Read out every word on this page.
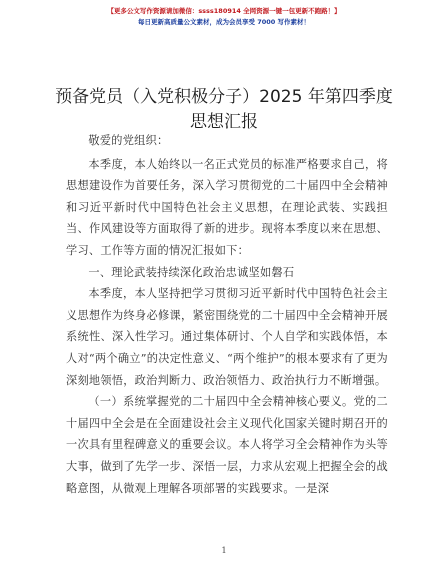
【更多公文写作资源请加微信：ssss180914 全网资源一键一包更新不跑路！】
每日更新高质量公文素材，成为会员享受 7000 写作素材！
预备党员（入党积极分子）2025 年第四季度思想汇报

敬爱的党组织：

本季度，本人始终以一名正式党员的标准严格要求自己，将思想建设作为首要任务，深入学习贯彻党的二十届四中全会精神和习近平新时代中国特色社会主义思想，在理论武装、实践担当、作风建设等方面取得了新的进步。现将本季度以来在思想、学习、工作等方面的情况汇报如下：

一、理论武装持续深化政治忠诚坚如磐石

本季度，本人坚持把学习贯彻习近平新时代中国特色社会主义思想作为终身必修课，紧密围绕党的二十届四中全会精神开展系统性、深入性学习。通过集体研讨、个人自学和实践体悟，本人对“两个确立”的决定性意义、“两个维护”的根本要求有了更为深刻地领悟，政治判断力、政治领悟力、政治执行力不断增强。

（一）系统掌握党的二十届四中全会精神核心要义。党的二十届四中全会是在全面建设社会主义现代化国家关键时期召开的一次具有里程碑意义的重要会议。本人将学习全会精神作为头等大事，做到了先学一步、深悟一层，力求从宏观上把握全会的战略意图，从微观上理解各项部署的实践要求。一是深

1
